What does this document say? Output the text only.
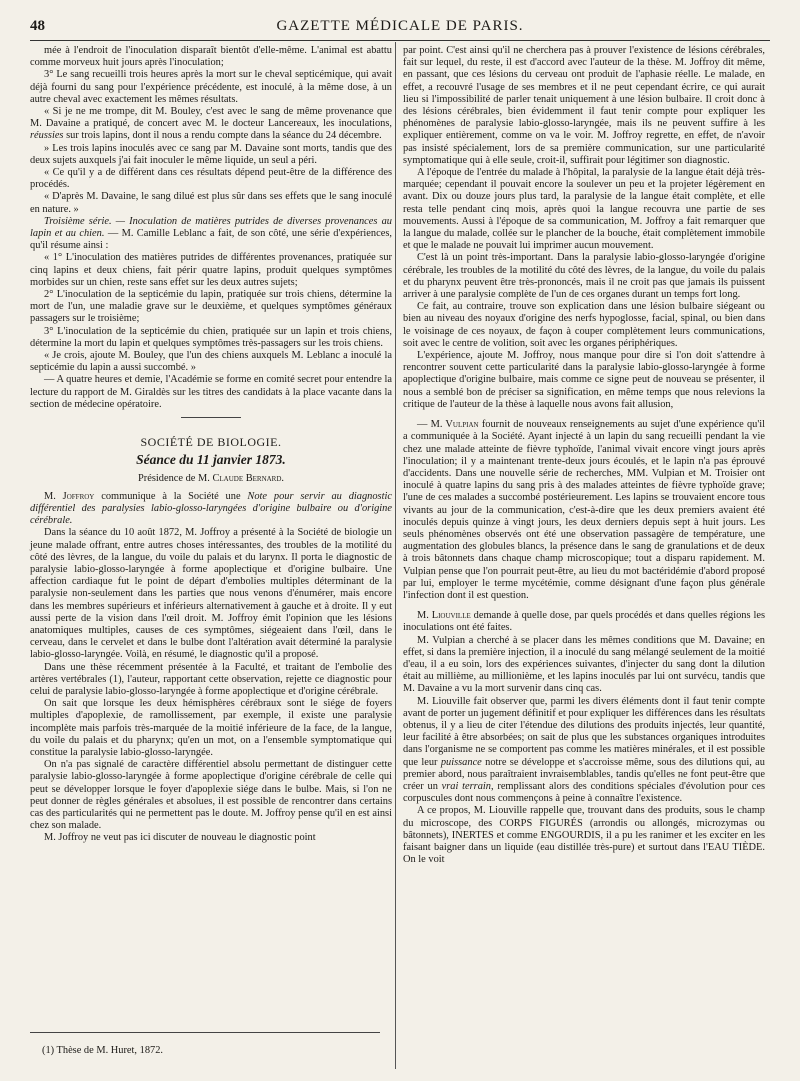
48	GAZETTE MÉDICALE DE PARIS.

mée à l'endroit de l'inoculation disparaît bientôt d'elle-même. L'animal est abattu comme morveux huit jours après l'inoculation;

3° Le sang recueilli trois heures après la mort sur le cheval septicémique, qui avait déjà fourni du sang pour l'expérience précédente, est inoculé, à la même dose, à un autre cheval avec exactement les mêmes résultats.

« Si je ne me trompe, dit M. Bouley, c'est avec le sang de même provenance que M. Davaine a pratiqué, de concert avec M. le docteur Lancereaux, les inoculations, réussies sur trois lapins, dont il nous a rendu compte dans la séance du 24 décembre.

» Les trois lapins inoculés avec ce sang par M. Davaine sont morts, tandis que des deux sujets auxquels j'ai fait inoculer le même liquide, un seul a péri.

« Ce qu'il y a de différent dans ces résultats dépend peut-être de la différence des procédés.

« D'après M. Davaine, le sang dilué est plus sûr dans ses effets que le sang inoculé en nature. »

Troisième série. — Inoculation de matières putrides de diverses provenances au lapin et au chien. — M. Camille Leblanc a fait, de son côté, une série d'expériences, qu'il résume ainsi :

« 1° L'inoculation des matières putrides de différentes provenances, pratiquée sur cinq lapins et deux chiens, fait périr quatre lapins, produit quelques symptômes morbides sur un chien, reste sans effet sur les deux autres sujets;

2° L'inoculation de la septicémie du lapin, pratiquée sur trois chiens, détermine la mort de l'un, une maladie grave sur le deuxième, et quelques symptômes généraux passagers sur le troisième;

3° L'inoculation de la septicémie du chien, pratiquée sur un lapin et trois chiens, détermine la mort du lapin et quelques symptômes très-passagers sur les trois chiens.

« Je crois, ajoute M. Bouley, que l'un des chiens auxquels M. Leblanc a inoculé la septicémie du lapin a aussi succombé. »

— A quatre heures et demie, l'Académie se forme en comité secret pour entendre la lecture du rapport de M. Giraldès sur les titres des candidats à la place vacante dans la section de médecine opératoire.

SOCIÉTÉ DE BIOLOGIE.

Séance du 11 janvier 1873.

Présidence de M. Claude Bernard.

M. Joffroy communique à la Société une Note pour servir au diagnostic différentiel des paralysies labio-glosso-laryngées d'origine bulbaire ou d'origine cérébrale.

Dans la séance du 10 août 1872, M. Joffroy a présenté à la Société de biologie un jeune malade offrant, entre autres choses intéressantes, des troubles de la motilité du côté des lèvres, de la langue, du voile du palais et du larynx. Il porta le diagnostic de paralysie labio-glosso-laryngée à forme apoplectique et d'origine bulbaire. Une affection cardiaque fut le point de départ d'embolies multiples déterminant de la paralysie non-seulement dans les parties que nous venons d'énumérer, mais encore dans les membres supérieurs et inférieurs alternativement à gauche et à droite. Il y eut aussi perte de la vision dans l'œil droit. M. Joffroy émit l'opinion que les lésions anatomiques multiples, causes de ces symptômes, siégeaient dans l'œil, dans le cerveau, dans le cervelet et dans le bulbe dont l'altération avait déterminé la paralysie labio-glosso-laryngée. Voilà, en résumé, le diagnostic qu'il a proposé.

Dans une thèse récemment présentée à la Faculté, et traitant de l'embolie des artères vertébrales (1), l'auteur, rapportant cette observation, rejette ce diagnostic pour celui de paralysie labio-glosso-laryngée à forme apoplectique et d'origine cérébrale.

On sait que lorsque les deux hémisphères cérébraux sont le siége de foyers multiples d'apoplexie, de ramollissement, par exemple, il existe une paralysie incomplète mais parfois très-marquée de la moitié inférieure de la face, de la langue, du voile du palais et du pharynx; qu'en un mot, on a l'ensemble symptomatique qui constitue la paralysie labio-glosso-laryngée.

On n'a pas signalé de caractère différentiel absolu permettant de distinguer cette paralysie labio-glosso-laryngée à forme apoplectique d'origine cérébrale de celle qui peut se développer lorsque le foyer d'apoplexie siége dans le bulbe. Mais, si l'on ne peut donner de règles générales et absolues, il est possible de rencontrer dans certains cas des particularités qui ne permettent pas le doute. M. Joffroy pense qu'il en est ainsi chez son malade.

M. Joffroy ne veut pas ici discuter de nouveau le diagnostic point

par point. C'est ainsi qu'il ne cherchera pas à prouver l'existence de lésions cérébrales, fait sur lequel, du reste, il est d'accord avec l'auteur de la thèse. M. Joffroy dit même, en passant, que ces lésions du cerveau ont produit de l'aphasie réelle. Le malade, en effet, a recouvré l'usage de ses membres et il ne peut cependant écrire, ce qui aurait lieu si l'impossibilité de parler tenait uniquement à une lésion bulbaire. Il croit donc à des lésions cérébrales, bien évidemment il faut tenir compte pour expliquer les phénomènes de paralysie labio-glosso-laryngée, mais ils ne peuvent suffire à les expliquer entièrement, comme on va le voir. M. Joffroy regrette, en effet, de n'avoir pas insisté spécialement, lors de sa première communication, sur une particularité symptomatique qui à elle seule, croit-il, suffirait pour légitimer son diagnostic.

A l'époque de l'entrée du malade à l'hôpital, la paralysie de la langue était déjà très-marquée; cependant il pouvait encore la soulever un peu et la projeter légèrement en avant. Dix ou douze jours plus tard, la paralysie de la langue était complète, et elle resta telle pendant cinq mois, après quoi la langue recouvra une partie de ses mouvements. Aussi à l'époque de sa communication, M. Joffroy a fait remarquer que la langue du malade, collée sur le plancher de la bouche, était complètement immobile et que le malade ne pouvait lui imprimer aucun mouvement.

C'est là un point très-important. Dans la paralysie labio-glosso-laryngée d'origine cérébrale, les troubles de la motilité du côté des lèvres, de la langue, du voile du palais et du pharynx peuvent être très-prononcés, mais il ne croit pas que jamais ils puissent arriver à une paralysie complète de l'un de ces organes durant un temps fort long.

Ce fait, au contraire, trouve son explication dans une lésion bulbaire siégeant ou bien au niveau des noyaux d'origine des nerfs hypoglosse, facial, spinal, ou bien dans le voisinage de ces noyaux, de façon à couper complètement leurs communications, soit avec le centre de volition, soit avec les organes périphériques.

L'expérience, ajoute M. Joffroy, nous manque pour dire si l'on doit s'attendre à rencontrer souvent cette particularité dans la paralysie labio-glosso-laryngée à forme apoplectique d'origine bulbaire, mais comme ce signe peut de nouveau se présenter, il nous a semblé bon de préciser sa signification, en même temps que nous relevions la critique de l'auteur de la thèse à laquelle nous avons fait allusion,

— M. Vulpian fournit de nouveaux renseignements au sujet d'une expérience qu'il a communiquée à la Société. Ayant injecté à un lapin du sang recueilli pendant la vie chez une malade atteinte de fièvre typhoïde, l'animal vivait encore vingt jours après l'inoculation; il y a maintenant trente-deux jours écoulés, et le lapin n'a pas éprouvé d'accidents. Dans une nouvelle série de recherches, MM. Vulpian et M. Troisier ont inoculé à quatre lapins du sang pris à des malades atteintes de fièvre typhoïde grave; l'une de ces malades a succombé postérieurement. Les lapins se trouvaient encore tous vivants au jour de la communication, c'est-à-dire que les deux premiers avaient été inoculés depuis quinze à vingt jours, les deux derniers depuis sept à huit jours. Les seuls phénomènes observés ont été une observation passagère de température, une augmentation des globules blancs, la présence dans le sang de granulations et de deux à trois bâtonnets dans chaque champ microscopique; tout a disparu rapidement. M. Vulpian pense que l'on pourrait peut-être, au lieu du mot bactéridémie d'abord proposé par lui, employer le terme mycétémie, comme désignant d'une façon plus générale l'infection dont il est question.

M. Liouville demande à quelle dose, par quels procédés et dans quelles régions les inoculations ont été faites.

M. Vulpian a cherché à se placer dans les mêmes conditions que M. Davaine; en effet, si dans la première injection, il a inoculé du sang mélangé seulement de la moitié d'eau, il a eu soin, lors des expériences suivantes, d'injecter du sang dont la dilution était au millième, au millionième, et les lapins inoculés par lui ont survécu, tandis que M. Davaine a vu la mort survenir dans cinq cas.

M. Liouville fait observer que, parmi les divers éléments dont il faut tenir compte avant de porter un jugement définitif et pour expliquer les différences dans les résultats obtenus, il y a lieu de citer l'étendue des dilutions des produits injectés, leur quantité, leur facilité à être absorbées; on sait de plus que les substances organiques introduites dans l'organisme ne se comportent pas comme les matières minérales, et il est possible que leur puissance notre se développe et s'accroisse même, sous des dilutions qui, au premier abord, nous paraîtraient invraisemblables, tandis qu'elles ne font peut-être que créer un vrai terrain, remplissant alors des conditions spéciales d'évolution pour ces corpuscules dont nous commençons à peine à connaître l'existence.

A ce propos, M. Liouville rappelle que, trouvant dans des produits, sous le champ du microscope, des CORPS FIGURÉS (arrondis ou allongés, microzymas ou bâtonnets), INERTES et comme ENGOURDIS, il a pu les ranimer et les exciter en les faisant baigner dans un liquide (eau distillée très-pure) et surtout dans l'EAU TIÈDE. On le voit

(1) Thèse de M. Huret, 1872.
